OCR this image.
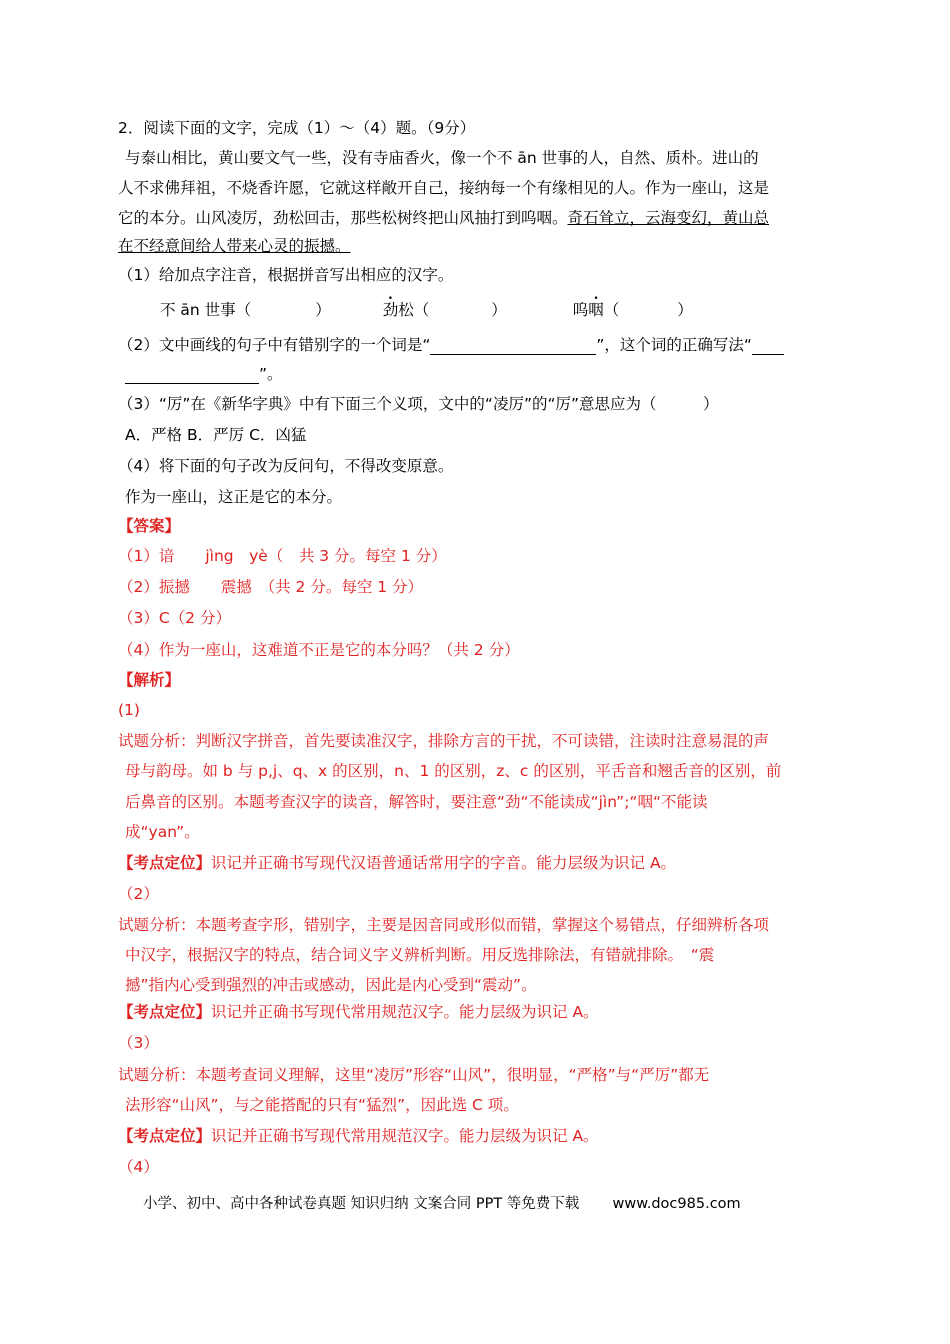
2．阅读下面的文字，完成（1）～（4）题。（9分）
与泰山相比，黄山要文气一些，没有寺庙香火，像一个不 ān 世事的人，自然、质朴。进山的
人不求佛拜祖，不烧香许愿，它就这样敞开自己，接纳每一个有缘相见的人。作为一座山，这是
它的本分。山风凌厉，劲松回击，那些松树终把山风抽打到呜咽。奇石耸立，云海变幻，黄山总
在不经意间给人带来心灵的振撼。
（1）给加点字注音，根据拼音写出相应的汉字。
不 ān 世事（	）	劲松（	）	呜咽（	）
（2）文中画线的句子中有错别字的一个词是“	”，这个词的正确写法“
”。
（3）“厉”在《新华字典》中有下面三个义项，文中的“凌厉”的“厉”意思应为（　　　）
A．严格 B．严厉 C．凶猛
（4）将下面的句子改为反问句，不得改变原意。
作为一座山，这正是它的本分。
【答案】
（1）谙　　jìng　yè（　共 3 分。每空 1 分）
（2）振撼　　震撼　（共 2 分。每空 1 分）
（3）C（2 分）
（4）作为一座山，这难道不正是它的本分吗？（共 2 分）
【解析】
(1)
试题分析：判断汉字拼音，首先要读准汉字，排除方言的干扰，不可读错，注读时注意易混的声
母与韵母。如 b 与 p,j、q、x 的区别，n、1 的区别，z、c 的区别，平舌音和翘舌音的区别，前
后鼻音的区别。本题考查汉字的读音，解答时，要注意“劲“不能读成“jìn”;“咽“不能读
成“yan”。
【考点定位】识记并正确书写现代汉语普通话常用字的字音。能力层级为识记 A。
（2）
试题分析：本题考查字形，错别字，主要是因音同或形似而错，掌握这个易错点，仔细辨析各项
中汉字，根据汉字的特点，结合词义字义辨析判断。用反选排除法，有错就排除。　“震
撼”指内心受到强烈的冲击或感动，因此是内心受到“震动”。
【考点定位】识记并正确书写现代常用规范汉字。能力层级为识记 A。
（3）
试题分析：本题考查词义理解，这里“凌厉”形容“山风”，很明显，“严格”与“严厉”都无
法形容“山风”，与之能搭配的只有“猛烈”，因此选 C 项。
【考点定位】识记并正确书写现代常用规范汉字。能力层级为识记 A。
（4）
小学、初中、高中各种试卷真题 知识归纳 文案合同 PPT 等免费下载 www.doc985.com
